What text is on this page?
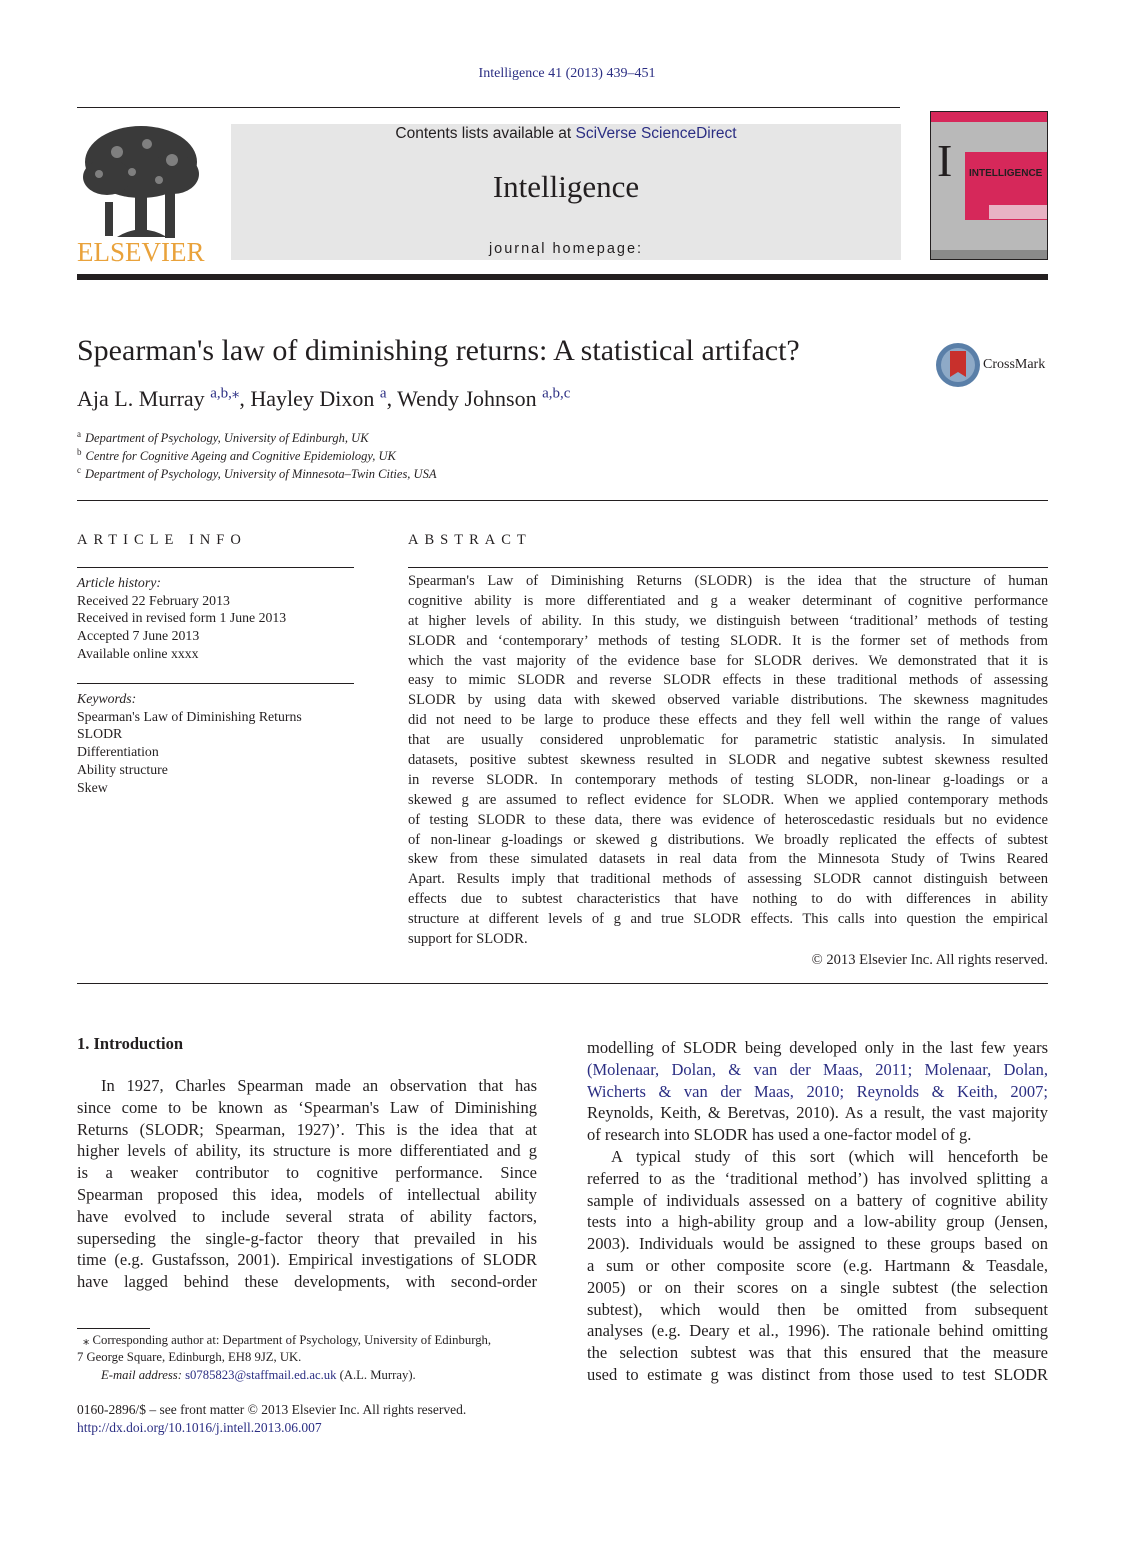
Intelligence 41 (2013) 439–451
ELSEVIER
Contents lists available at SciVerse ScienceDirect
Intelligence
journal homepage:
I INTELLIGENCE
Spearman's law of diminishing returns: A statistical artifact?	CrossMark
Aja L. Murray $^{a,b,⁎}$, Hayley Dixon $^a$, Wendy Johnson $^{a,b,c}$
$^a$ Department of Psychology, University of Edinburgh, UK
$^b$ Centre for Cognitive Ageing and Cognitive Epidemiology, UK
$^c$ Department of Psychology, University of Minnesota–Twin Cities, USA
ARTICLE INFO
Article history:
Received 22 February 2013
Received in revised form 1 June 2013
Accepted 7 June 2013
Available online xxxx
Keywords:
Spearman's Law of Diminishing Returns
SLODR
Differentiation
Ability structure
Skew
ABSTRACT
Spearman's Law of Diminishing Returns (SLODR) is the idea that the structure of human
cognitive ability is more differentiated and g a weaker determinant of cognitive performance
at higher levels of ability. In this study, we distinguish between ‘traditional’ methods of testing
SLODR and ‘contemporary’ methods of testing SLODR. It is the former set of methods from
which the vast majority of the evidence base for SLODR derives. We demonstrated that it is
easy to mimic SLODR and reverse SLODR effects in these traditional methods of assessing
SLODR by using data with skewed observed variable distributions. The skewness magnitudes
did not need to be large to produce these effects and they fell well within the range of values
that are usually considered unproblematic for parametric statistic analysis. In simulated
datasets, positive subtest skewness resulted in SLODR and negative subtest skewness resulted
in reverse SLODR. In contemporary methods of testing SLODR, non-linear g-loadings or a
skewed g are assumed to reflect evidence for SLODR. When we applied contemporary methods
of testing SLODR to these data, there was evidence of heteroscedastic residuals but no evidence
of non-linear g-loadings or skewed g distributions. We broadly replicated the effects of subtest
skew from these simulated datasets in real data from the Minnesota Study of Twins Reared
Apart. Results imply that traditional methods of assessing SLODR cannot distinguish between
effects due to subtest characteristics that have nothing to do with differences in ability
structure at different levels of g and true SLODR effects. This calls into question the empirical
support for SLODR.
© 2013 Elsevier Inc. All rights reserved.
1. Introduction
In 1927, Charles Spearman made an observation that has
since come to be known as ‘Spearman's Law of Diminishing
Returns (SLODR; Spearman, 1927)’. This is the idea that at
higher levels of ability, its structure is more differentiated and g
is a weaker contributor to cognitive performance. Since
Spearman proposed this idea, models of intellectual ability
have evolved to include several strata of ability factors,
superseding the single-g-factor theory that prevailed in his
time (e.g. Gustafsson, 2001). Empirical investigations of SLODR
have lagged behind these developments, with second-order
modelling of SLODR being developed only in the last few years
(Molenaar, Dolan, & van der Maas, 2011; Molenaar, Dolan,
Wicherts & van der Maas, 2010; Reynolds & Keith, 2007;
Reynolds, Keith, & Beretvas, 2010). As a result, the vast majority
of research into SLODR has used a one-factor model of g.
A typical study of this sort (which will henceforth be
referred to as the ‘traditional method’) has involved splitting a
sample of individuals assessed on a battery of cognitive ability
tests into a high-ability group and a low-ability group (Jensen,
2003). Individuals would be assigned to these groups based on
a sum or other composite score (e.g. Hartmann & Teasdale,
2005) or on their scores on a single subtest (the selection
subtest), which would then be omitted from subsequent
analyses (e.g. Deary et al., 1996). The rationale behind omitting
the selection subtest was that this ensured that the measure
used to estimate g was distinct from those used to test SLODR
⁎ Corresponding author at: Department of Psychology, University of Edinburgh,
7 George Square, Edinburgh, EH8 9JZ, UK.
E-mail address: s0785823@staffmail.ed.ac.uk (A.L. Murray).
0160-2896/$ – see front matter © 2013 Elsevier Inc. All rights reserved.
http://dx.doi.org/10.1016/j.intell.2013.06.007
